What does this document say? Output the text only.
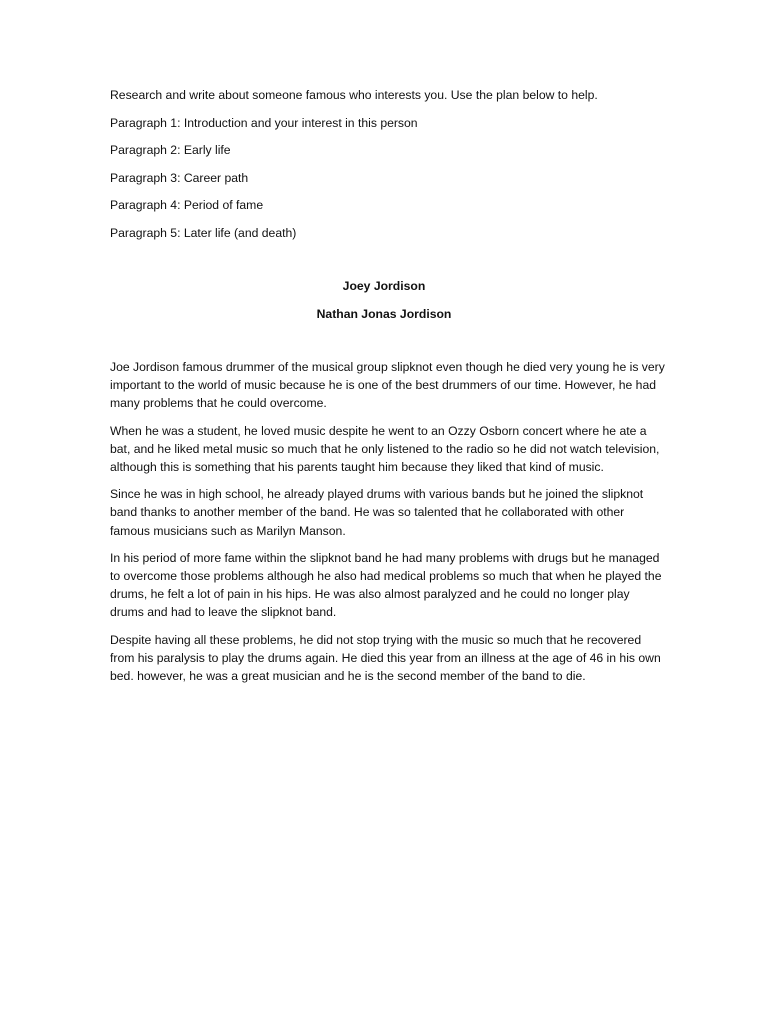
Research and write about someone famous who interests you. Use the plan below to help.

Paragraph 1: Introduction and your interest in this person

Paragraph 2: Early life

Paragraph 3: Career path

Paragraph 4: Period of fame

Paragraph 5: Later life (and death)

Joey Jordison

Nathan Jonas Jordison

Joe Jordison famous drummer of the musical group slipknot even though he died very young he is very important to the world of music because he is one of the best drummers of our time. However, he had many problems that he could overcome.

When he was a student, he loved music despite he went to an Ozzy Osborn concert where he ate a bat, and he liked metal music so much that he only listened to the radio so he did not watch television, although this is something that his parents taught him because they liked that kind of music.

Since he was in high school, he already played drums with various bands but he joined the slipknot band thanks to another member of the band. He was so talented that he collaborated with other famous musicians such as Marilyn Manson.

In his period of more fame within the slipknot band he had many problems with drugs but he managed to overcome those problems although he also had medical problems so much that when he played the drums, he felt a lot of pain in his hips. He was also almost paralyzed and he could no longer play drums and had to leave the slipknot band.

Despite having all these problems, he did not stop trying with the music so much that he recovered from his paralysis to play the drums again. He died this year from an illness at the age of 46 in his own bed. however, he was a great musician and he is the second member of the band to die.
